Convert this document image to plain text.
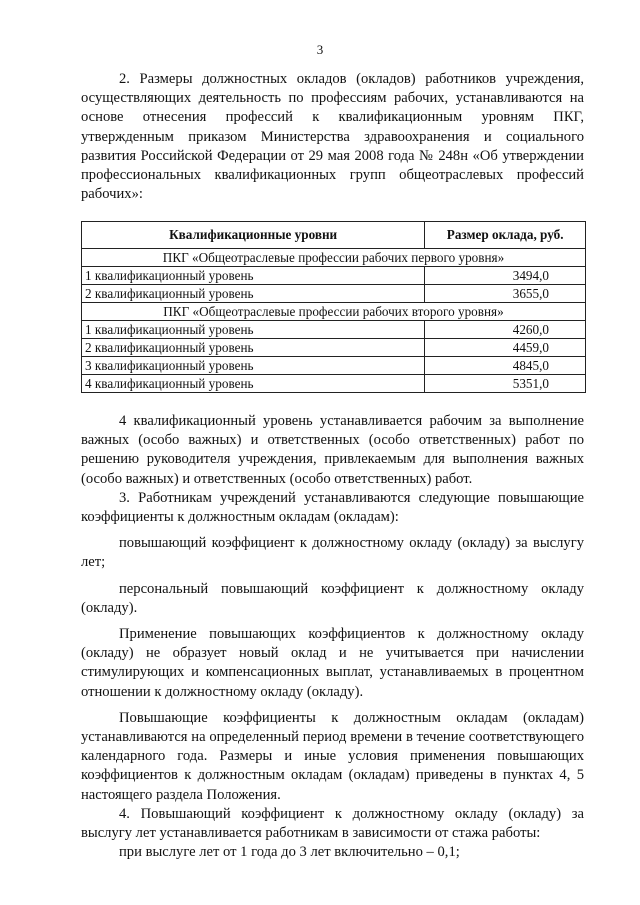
3

2. Размеры должностных окладов (окладов) работников учреждения, осуществляющих деятельность по профессиям рабочих, устанавливаются на основе отнесения профессий к квалификационным уровням ПКГ, утвержденным приказом Министерства здравоохранения и социального развития Российской Федерации от 29 мая 2008 года № 248н «Об утверждении профессиональных квалификационных групп общеотраслевых профессий рабочих»:

Квалификационные уровни	Размер оклада, руб.
ПКГ «Общеотраслевые профессии рабочих первого уровня»	
1 квалификационный уровень	3494,0
2 квалификационный уровень	3655,0
ПКГ «Общеотраслевые профессии рабочих второго уровня»	
1 квалификационный уровень	4260,0
2 квалификационный уровень	4459,0
3 квалификационный уровень	4845,0
4 квалификационный уровень	5351,0

4 квалификационный уровень устанавливается рабочим за выполнение важных (особо важных) и ответственных (особо ответственных) работ по решению руководителя учреждения, привлекаемым для выполнения важных (особо важных) и ответственных (особо ответственных) работ.

3. Работникам учреждений устанавливаются следующие повышающие коэффициенты к должностным окладам (окладам):

повышающий коэффициент к должностному окладу (окладу) за выслугу лет;

персональный повышающий коэффициент к должностному окладу (окладу).

Применение повышающих коэффициентов к должностному окладу (окладу) не образует новый оклад и не учитывается при начислении стимулирующих и компенсационных выплат, устанавливаемых в процентном отношении к должностному окладу (окладу).

Повышающие коэффициенты к должностным окладам (окладам) устанавливаются на определенный период времени в течение соответствующего календарного года. Размеры и иные условия применения повышающих коэффициентов к должностным окладам (окладам) приведены в пунктах 4, 5 настоящего раздела Положения.

4. Повышающий коэффициент к должностному окладу (окладу) за выслугу лет устанавливается работникам в зависимости от стажа работы:

при выслуге лет от 1 года до 3 лет включительно – 0,1;
